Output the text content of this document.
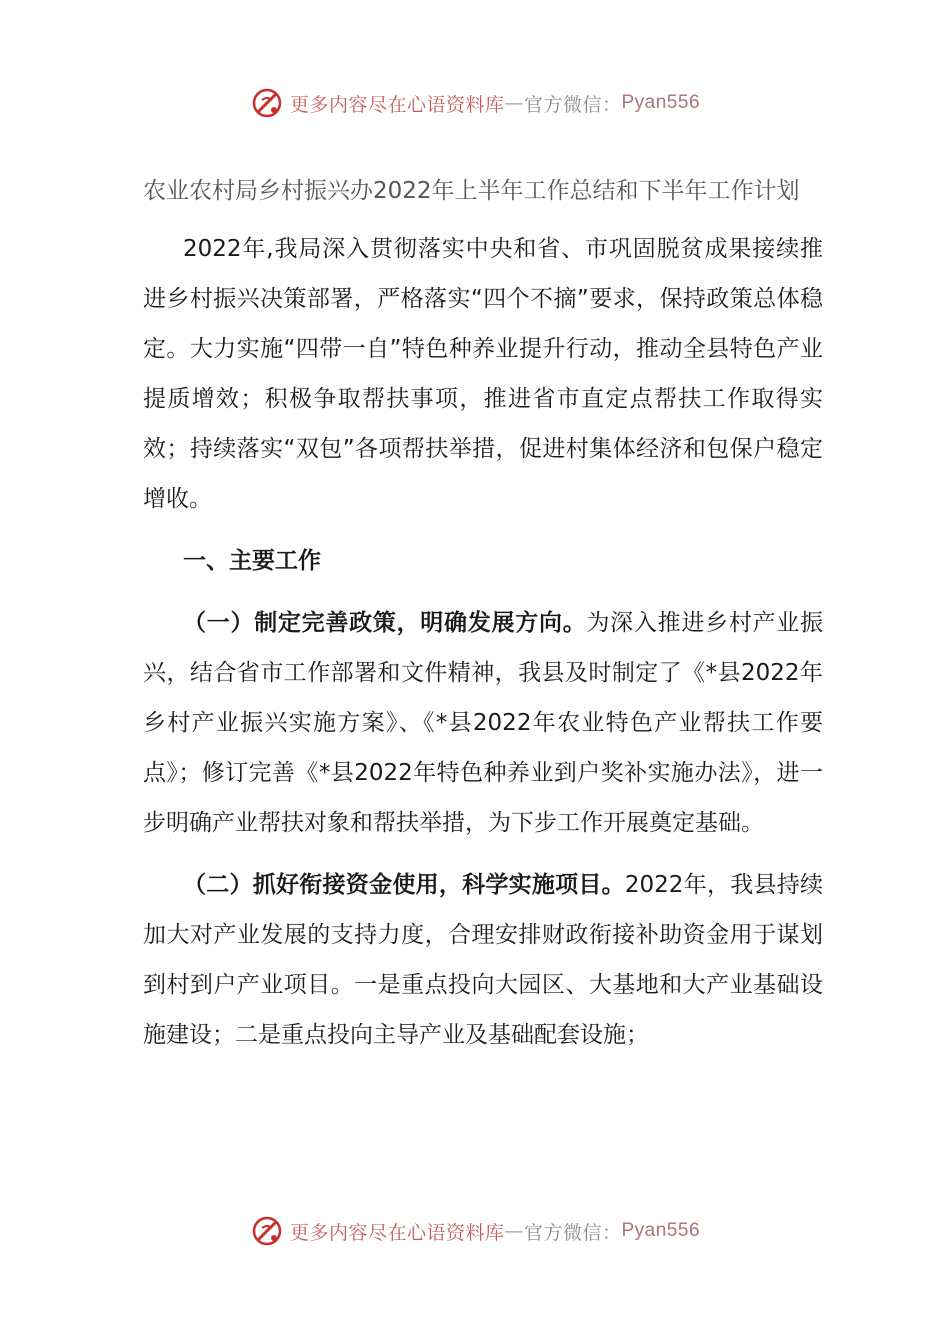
更多内容尽在心语资料库 — 官方微信： Pyan556
农业农村局乡村振兴办2022年上半年工作总结和下半年工作计划

2022年,我局深入贯彻落实中央和省、市巩固脱贫成果接续推进乡村振兴决策部署，严格落实“四个不摘”要求，保持政策总体稳定。大力实施“四带一自”特色种养业提升行动，推动全县特色产业提质增效；积极争取帮扶事项，推进省市直定点帮扶工作取得实效；持续落实“双包”各项帮扶举措，促进村集体经济和包保户稳定增收。

一、主要工作

（一）制定完善政策，明确发展方向。为深入推进乡村产业振兴，结合省市工作部署和文件精神，我县及时制定了《*县2022年乡村产业振兴实施方案》、《*县2022年农业特色产业帮扶工作要点》；修订完善《*县2022年特色种养业到户奖补实施办法》，进一步明确产业帮扶对象和帮扶举措，为下步工作开展奠定基础。

（二）抓好衔接资金使用，科学实施项目。2022年，我县持续加大对产业发展的支持力度，合理安排财政衔接补助资金用于谋划到村到户产业项目。一是重点投向大园区、大基地和大产业基础设施建设；二是重点投向主导产业及基础配套设施；

更多内容尽在心语资料库 — 官方微信： Pyan556
